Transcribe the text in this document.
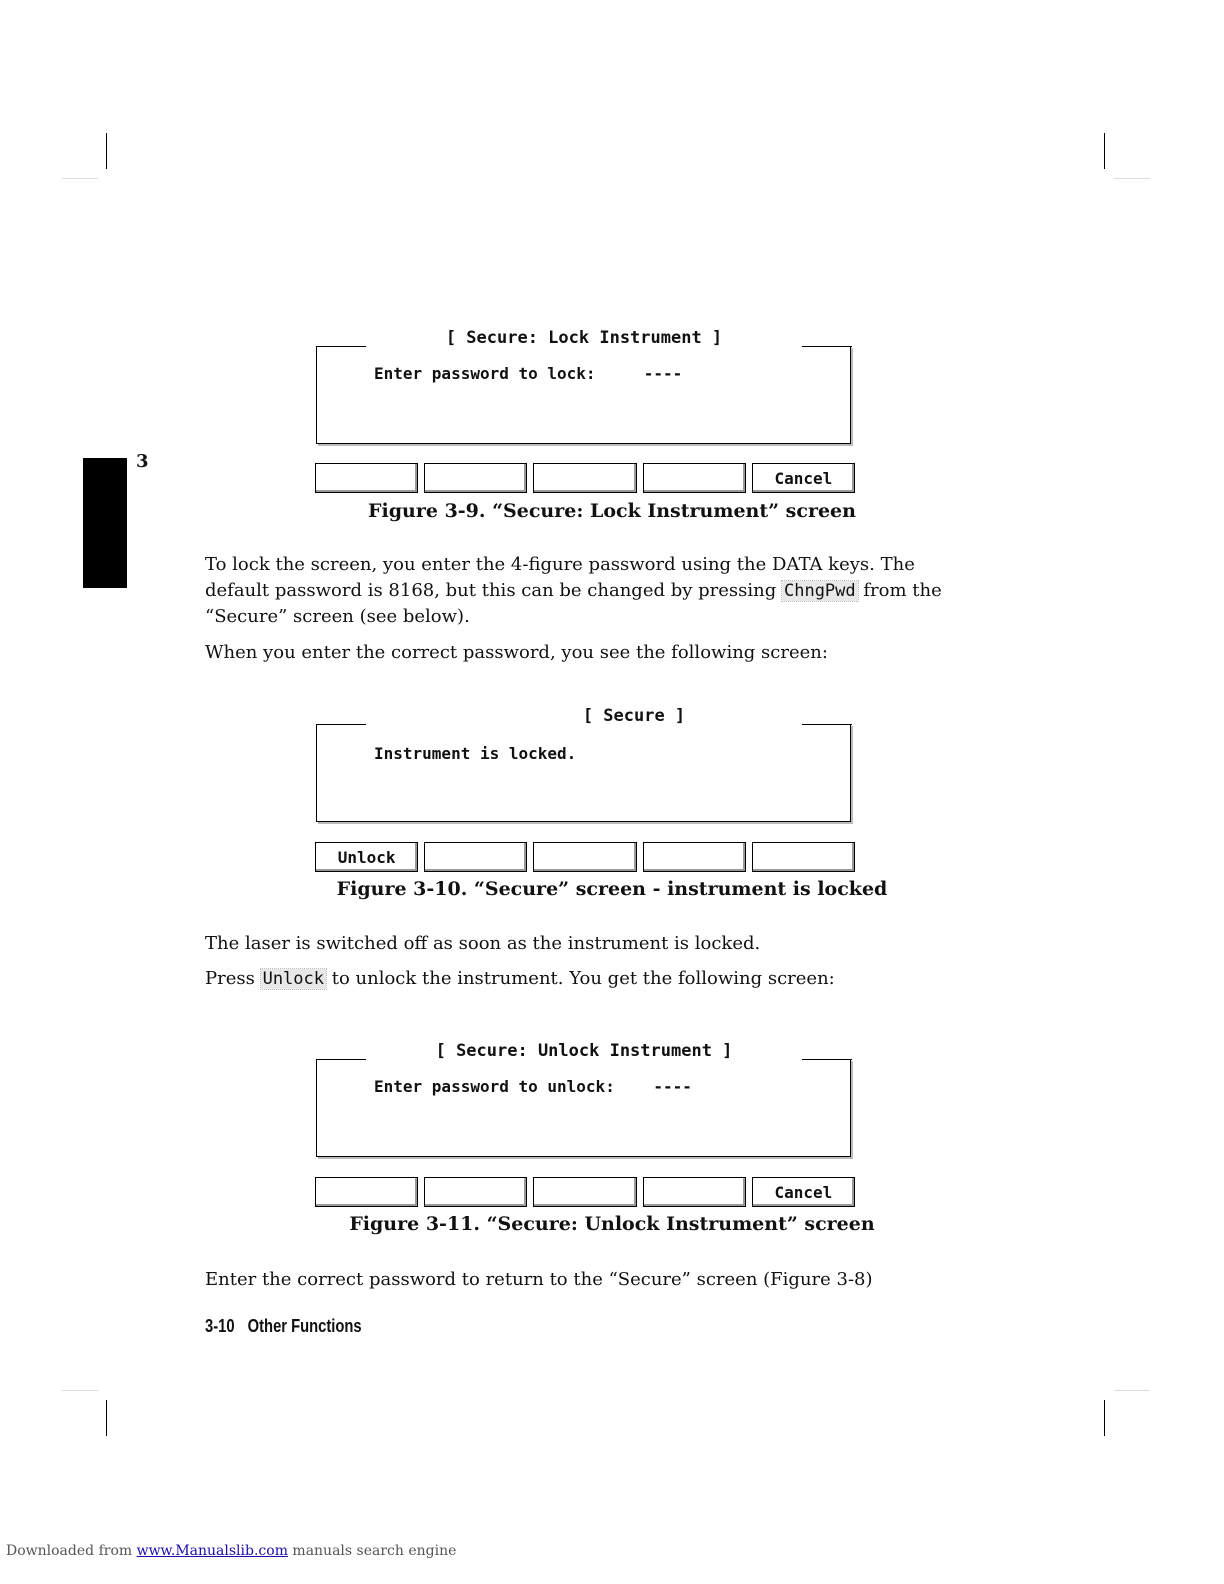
3
[ Secure: Lock Instrument ]
Enter password to lock:     ----
Cancel
Figure 3-9. “Secure: Lock Instrument” screen
To lock the screen, you enter the 4-figure password using the DATA keys. The default password is 8168, but this can be changed by pressing ChngPwd from the “Secure” screen (see below).
When you enter the correct password, you see the following screen:
[ Secure ]
Instrument is locked.
Unlock
Figure 3-10. “Secure” screen - instrument is locked
The laser is switched off as soon as the instrument is locked.
Press Unlock to unlock the instrument. You get the following screen:
[ Secure: Unlock Instrument ]
Enter password to unlock:    ----
Cancel
Figure 3-11. “Secure: Unlock Instrument” screen
Enter the correct password to return to the “Secure” screen (Figure 3-8)
3-10 Other Functions
Downloaded from www.Manualslib.com manuals search engine
